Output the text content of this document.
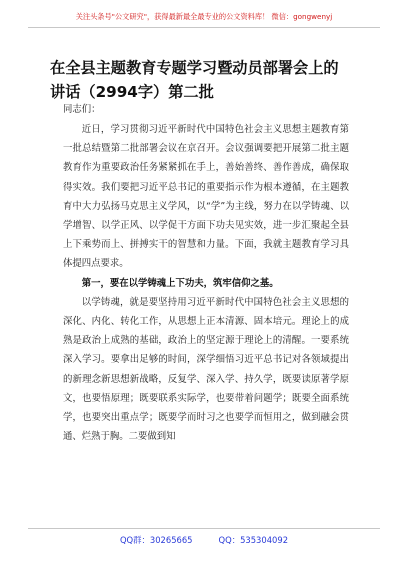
关注头条号"公文研究"，获得最新最全最专业的公文资料库！ 微信：gongwenyj
在全县主题教育专题学习暨动员部署会上的讲话（2994字）第二批
同志们：

近日，学习贯彻习近平新时代中国特色社会主义思想主题教育第一批总结暨第二批部署会议在京召开。会议强调要把开展第二批主题教育作为重要政治任务紧紧抓在手上，善始善终、善作善成，确保取得实效。我们要把习近平总书记的重要指示作为根本遵循，在主题教育中大力弘扬马克思主义学风，以“学”为主线，努力在以学铸魂、以学增智、以学正风、以学促干方面下功夫见实效，进一步汇聚起全县上下乘势而上、拼搏实干的智慧和力量。下面，我就主题教育学习具体提四点要求。

第一，要在以学铸魂上下功夫，筑牢信仰之基。

以学铸魂，就是要坚持用习近平新时代中国特色社会主义思想的深化、内化、转化工作，从思想上正本清源、固本培元。理论上的成熟是政治上成熟的基础，政治上的坚定源于理论上的清醒。一要系统深入学习。要拿出足够的时间，深学细悟习近平总书记对各领域提出的新理念新思想新战略，反复学、深入学、持久学，既要读原著学原文，也要悟原理；既要联系实际学，也要带着问题学；既要全面系统学，也要突出重点学；既要学而时习之也要学而恒用之，做到融会贯通、烂熟于胸。二要做到知

QQ群：30265665	QQ：535304092
